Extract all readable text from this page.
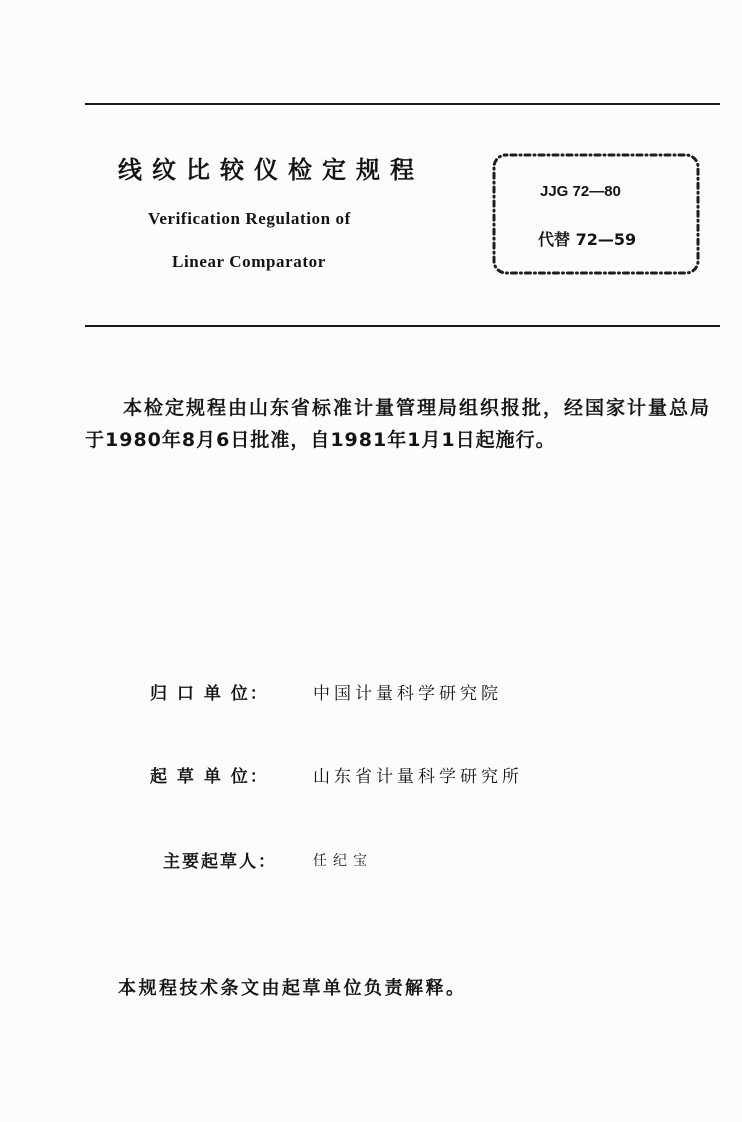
线纹比较仪检定规程
Verification Regulation of
Linear Comparator
JJG 72—80
代替 72—59
本检定规程由山东省标准计量管理局组织报批，经国家计量总局
于1980年8月6日批准，自1981年1月1日起施行。
归 口 单 位：	中国计量科学研究院
起 草 单 位：	山东省计量科学研究所
主要起草人：	任纪宝
本规程技术条文由起草单位负责解释。
